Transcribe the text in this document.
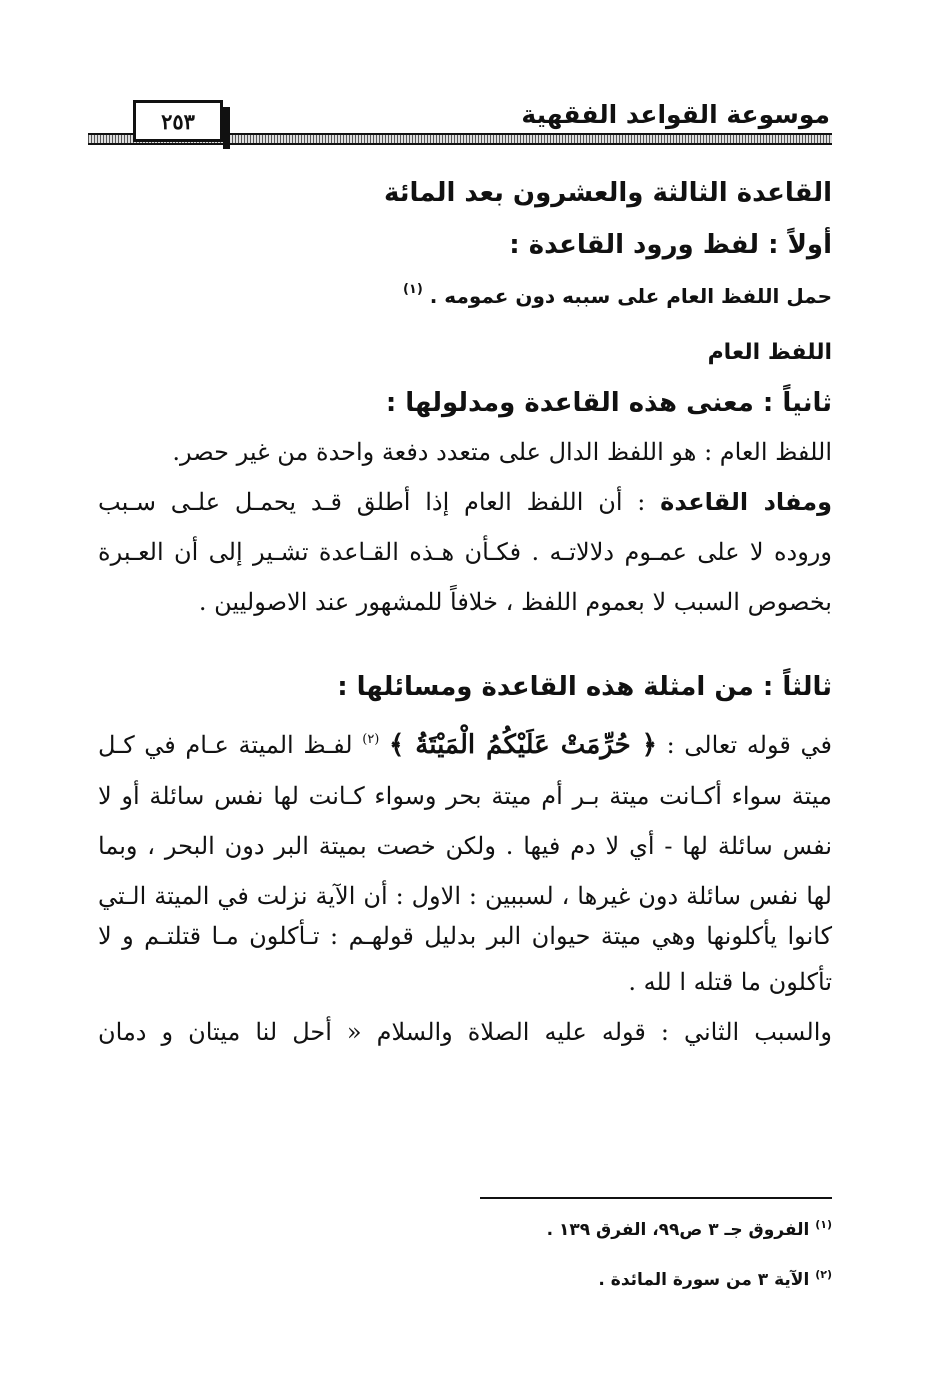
موسوعة القواعد الفقهية
٢٥٣
القاعدة الثالثة والعشرون بعد المائة
أولاً : لفظ ورود القاعدة :
حمل اللفظ العام على سببه دون عمومه . $^{(١)}$
اللفظ العام
ثانياً : معنى هذه القاعدة ومدلولها :
اللفظ العام : هو اللفظ الدال على متعدد دفعة واحدة من غير حصر.
ومفاد القاعدة : أن اللفظ العام إذا أطلق قـد يحمـل علـى سـبب
وروده لا على عمـوم دلالاتـه . فكـأن هـذه القـاعدة تشـير إلى أن العـبرة
بخصوص السبب لا بعموم اللفظ ، خلافاً للمشهور عند الاصوليين .
ثالثاً : من امثلة هذه القاعدة ومسائلها :
في قوله تعالى : ﴿ حُرِّمَتْ عَلَيْكُمُ الْمَيْتَةُ ﴾ $^{(٢)}$ لفـظ الميتة عـام في كـل
ميتة سواء أكـانت ميتة بـر أم ميتة بحر وسواء كـانت لها نفس سائلة أو لا
نفس سائلة لها - أي لا دم فيها . ولكن خصت بميتة البر دون البحر ، وبما
لها نفس سائلة دون غيرها ، لسببين : الاول : أن الآية نزلت في الميتة الـتي
كانوا يأكلونها وهي ميتة حيوان البر بدليل قولهـم : تـأكلون مـا قتلتـم و لا
تأكلون ما قتله ا لله .
والسبب الثاني : قوله عليه الصلاة والسلام « أحل لنا ميتان و دمان
$^{(١)}$ الفروق جـ ٣ ص٩٩، الفرق ١٣٩ .
$^{(٢)}$ الآية ٣ من سورة المائدة .
